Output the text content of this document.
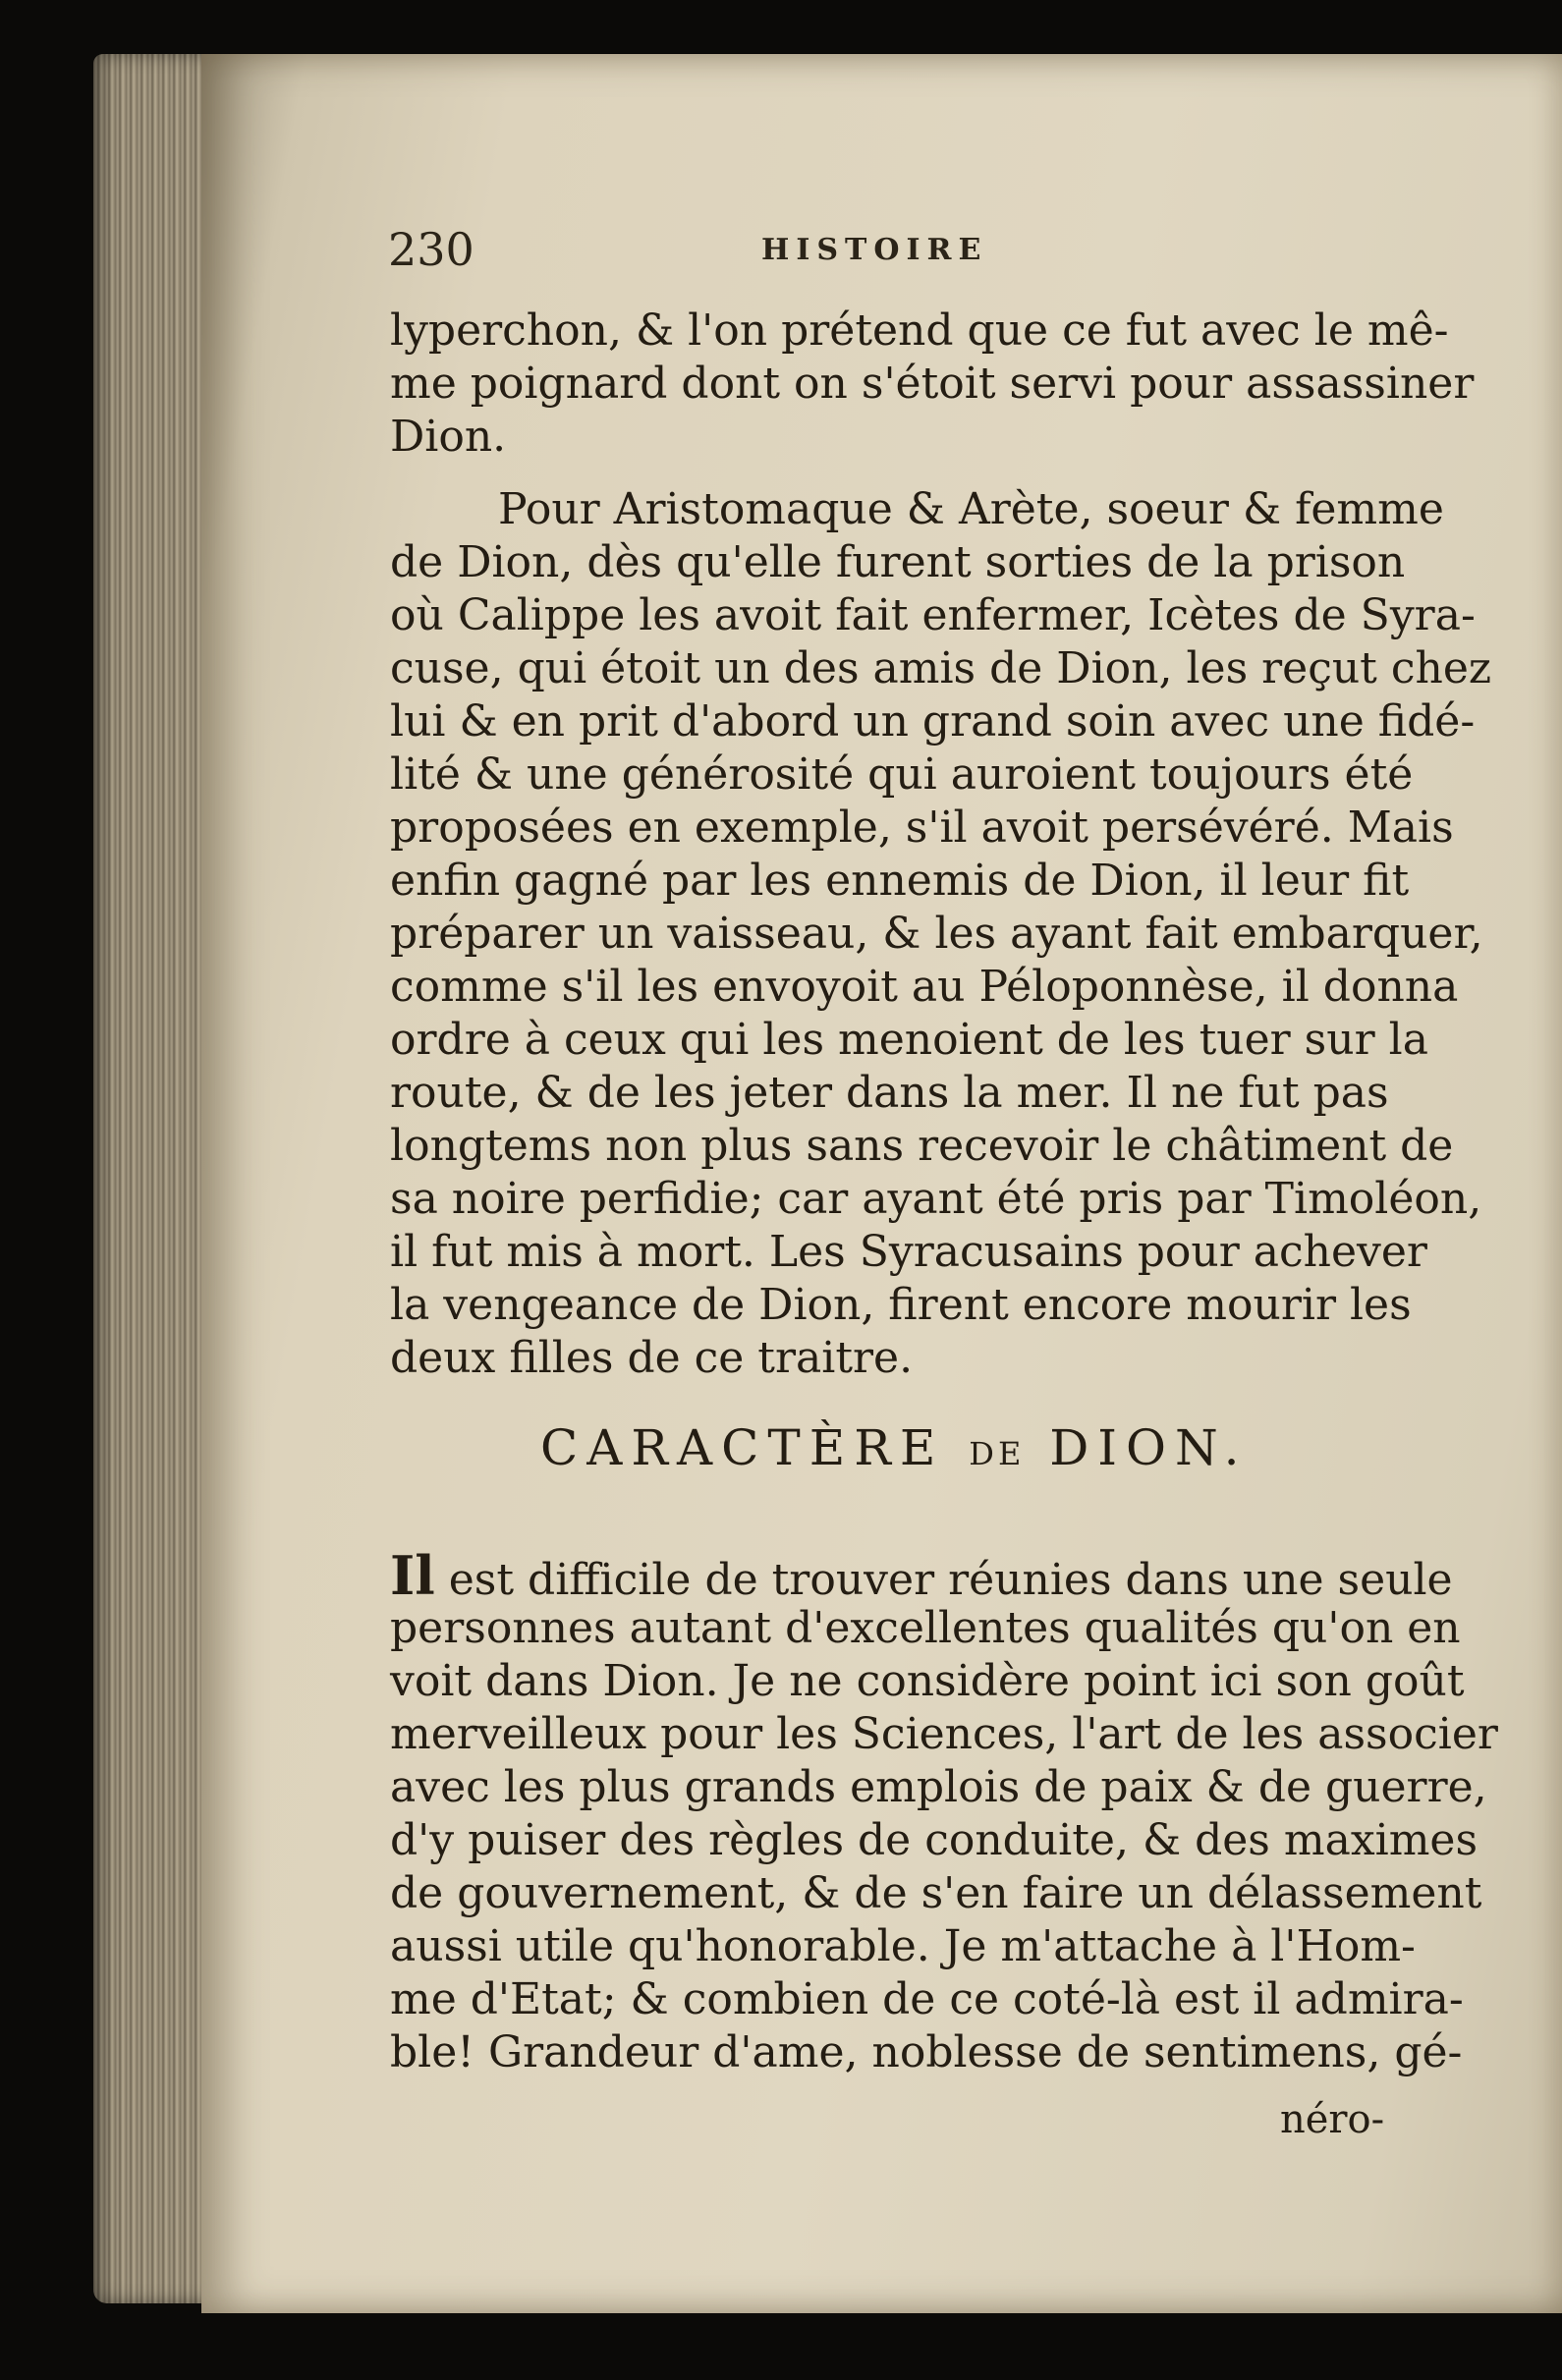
230	HISTOIRE
lyperchon, & l'on prétend que ce fut avec le mê-
me poignard dont on s'étoit servi pour assassiner
Dion.
Pour Aristomaque & Arète, soeur & femme
de Dion, dès qu'elle furent sorties de la prison
où Calippe les avoit fait enfermer, Icètes de Syra-
cuse, qui étoit un des amis de Dion, les reçut chez
lui & en prit d'abord un grand soin avec une fidé-
lité & une générosité qui auroient toujours été
proposées en exemple, s'il avoit persévéré. Mais
enfin gagné par les ennemis de Dion, il leur fit
préparer un vaisseau, & les ayant fait embarquer,
comme s'il les envoyoit au Péloponnèse, il donna
ordre à ceux qui les menoient de les tuer sur la
route, & de les jeter dans la mer. Il ne fut pas
longtems non plus sans recevoir le châtiment de
sa noire perfidie; car ayant été pris par Timoléon,
il fut mis à mort. Les Syracusains pour achever
la vengeance de Dion, firent encore mourir les
deux filles de ce traitre.
CARACTÈRE DE DION.
Il est difficile de trouver réunies dans une seule
personnes autant d'excellentes qualités qu'on en
voit dans Dion. Je ne considère point ici son goût
merveilleux pour les Sciences, l'art de les associer
avec les plus grands emplois de paix & de guerre,
d'y puiser des règles de conduite, & des maximes
de gouvernement, & de s'en faire un délassement
aussi utile qu'honorable. Je m'attache à l'Hom-
me d'Etat; & combien de ce coté-là est il admira-
ble! Grandeur d'ame, noblesse de sentimens, gé-
néro-
